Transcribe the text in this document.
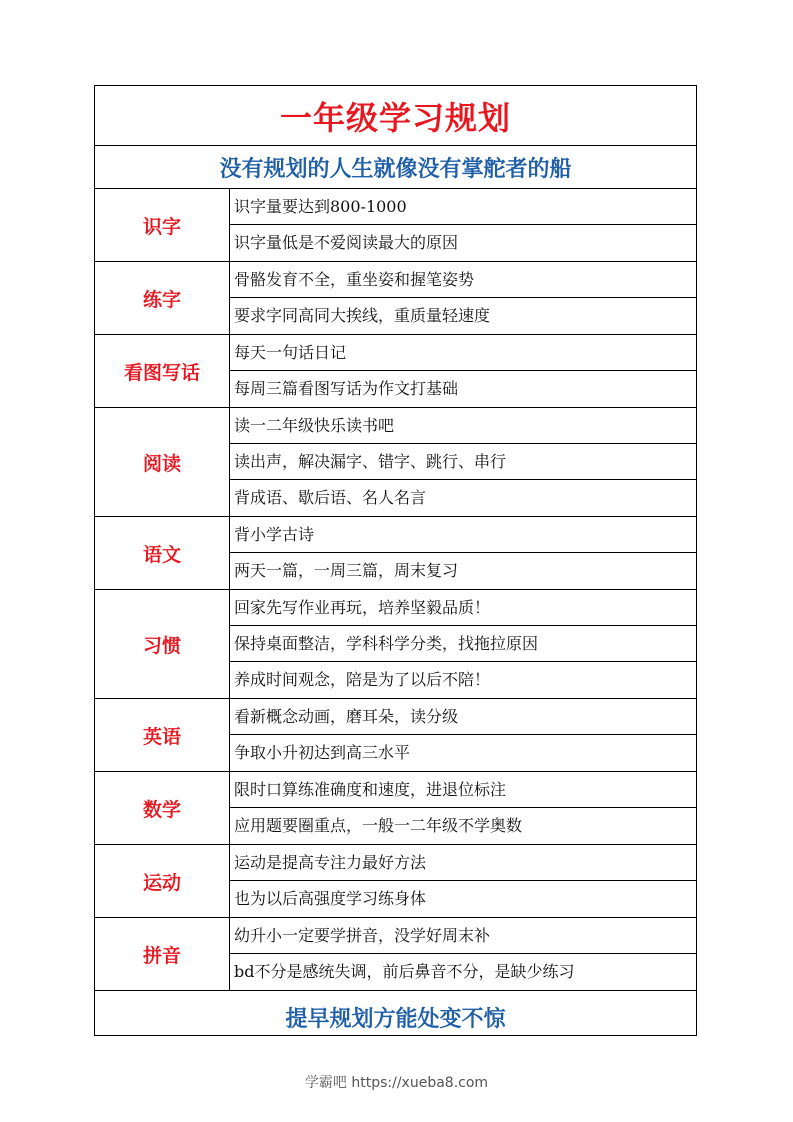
一年级学习规划
没有规划的人生就像没有掌舵者的船
识字
识字量要达到800-1000
识字量低是不爱阅读最大的原因
练字
骨骼发育不全，重坐姿和握笔姿势
要求字同高同大挨线，重质量轻速度
看图写话
每天一句话日记
每周三篇看图写话为作文打基础
阅读
读一二年级快乐读书吧
读出声，解决漏字、错字、跳行、串行
背成语、歇后语、名人名言
语文
背小学古诗
两天一篇，一周三篇，周末复习
习惯
回家先写作业再玩，培养坚毅品质！
保持桌面整洁，学科科学分类，找拖拉原因
养成时间观念，陪是为了以后不陪！
英语
看新概念动画，磨耳朵，读分级
争取小升初达到高三水平
数学
限时口算练准确度和速度，进退位标注
应用题要圈重点，一般一二年级不学奥数
运动
运动是提高专注力最好方法
也为以后高强度学习练身体
拼音
幼升小一定要学拼音，没学好周末补
bd不分是感统失调，前后鼻音不分，是缺少练习
提早规划方能处变不惊
学霸吧 https://xueba8.com
